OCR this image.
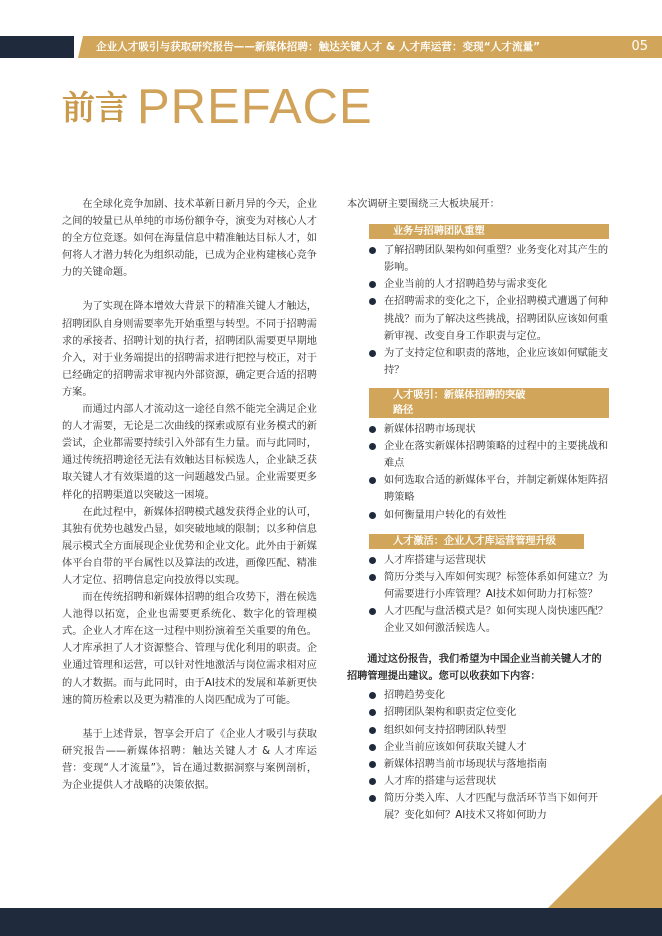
企业人才吸引与获取研究报告——新媒体招聘：触达关键人才 & 人才库运营：变现“人才流量”	05
前言 PREFACE

在全球化竞争加剧、技术革新日新月异的今天，企业之间的较量已从单纯的市场份额争夺，演变为对核心人才的全方位竞逐。如何在海量信息中精准触达目标人才，如何将人才潜力转化为组织动能，已成为企业构建核心竞争力的关键命题。

为了实现在降本增效大背景下的精准关键人才触达，招聘团队自身则需要率先开始重塑与转型。不同于招聘需求的承接者、招聘计划的执行者，招聘团队需要更早期地介入，对于业务端提出的招聘需求进行把控与校正，对于已经确定的招聘需求审视内外部资源，确定更合适的招聘方案。

而通过内部人才流动这一途径自然不能完全满足企业的人才需要，无论是二次曲线的探索或原有业务模式的新尝试，企业都需要持续引入外部有生力量。而与此同时，通过传统招聘途径无法有效触达目标候选人，企业缺乏获取关键人才有效渠道的这一问题越发凸显。企业需要更多样化的招聘渠道以突破这一困境。

在此过程中，新媒体招聘模式越发获得企业的认可，其独有优势也越发凸显，如突破地域的限制；以多种信息展示模式全方面展现企业优势和企业文化。此外由于新媒体平台自带的平台属性以及算法的改进，画像匹配、精准人才定位、招聘信息定向投放得以实现。

而在传统招聘和新媒体招聘的组合攻势下，潜在候选人池得以拓宽，企业也需要更系统化、数字化的管理模式。企业人才库在这一过程中则扮演着至关重要的角色。人才库承担了人才资源整合、管理与优化利用的职责。企业通过管理和运营，可以针对性地激活与岗位需求相对应的人才数据。而与此同时，由于AI技术的发展和革新更快速的简历检索以及更为精准的人岗匹配成为了可能。

基于上述背景，智享会开启了《企业人才吸引与获取研究报告——新媒体招聘：触达关键人才 & 人才库运营：变现“人才流量”》，旨在通过数据洞察与案例剖析，为企业提供人才战略的决策依据。

本次调研主要围绕三大板块展开：
业务与招聘团队重塑
了解招聘团队架构如何重塑？业务变化对其产生的影响。
企业当前的人才招聘趋势与需求变化
在招聘需求的变化之下，企业招聘模式遭遇了何种挑战？而为了解决这些挑战，招聘团队应该如何重新审视、改变自身工作职责与定位。
为了支持定位和职责的落地，企业应该如何赋能支持？
人才吸引：新媒体招聘的突破路径
新媒体招聘市场现状
企业在落实新媒体招聘策略的过程中的主要挑战和难点
如何选取合适的新媒体平台，并制定新媒体矩阵招聘策略
如何衡量用户转化的有效性
人才激活：企业人才库运营管理升级
人才库搭建与运营现状
简历分类与入库如何实现？标签体系如何建立？为何需要进行小库管理？AI技术如何助力打标签？
人才匹配与盘活模式是？如何实现人岗快速匹配？企业又如何激活候选人。
通过这份报告，我们希望为中国企业当前关键人才的招聘管理提出建议。您可以收获如下内容：
招聘趋势变化
招聘团队架构和职责定位变化
组织如何支持招聘团队转型
企业当前应该如何获取关键人才
新媒体招聘当前市场现状与落地指南
人才库的搭建与运营现状
简历分类入库、人才匹配与盘活环节当下如何开展？变化如何？AI技术又将如何助力
